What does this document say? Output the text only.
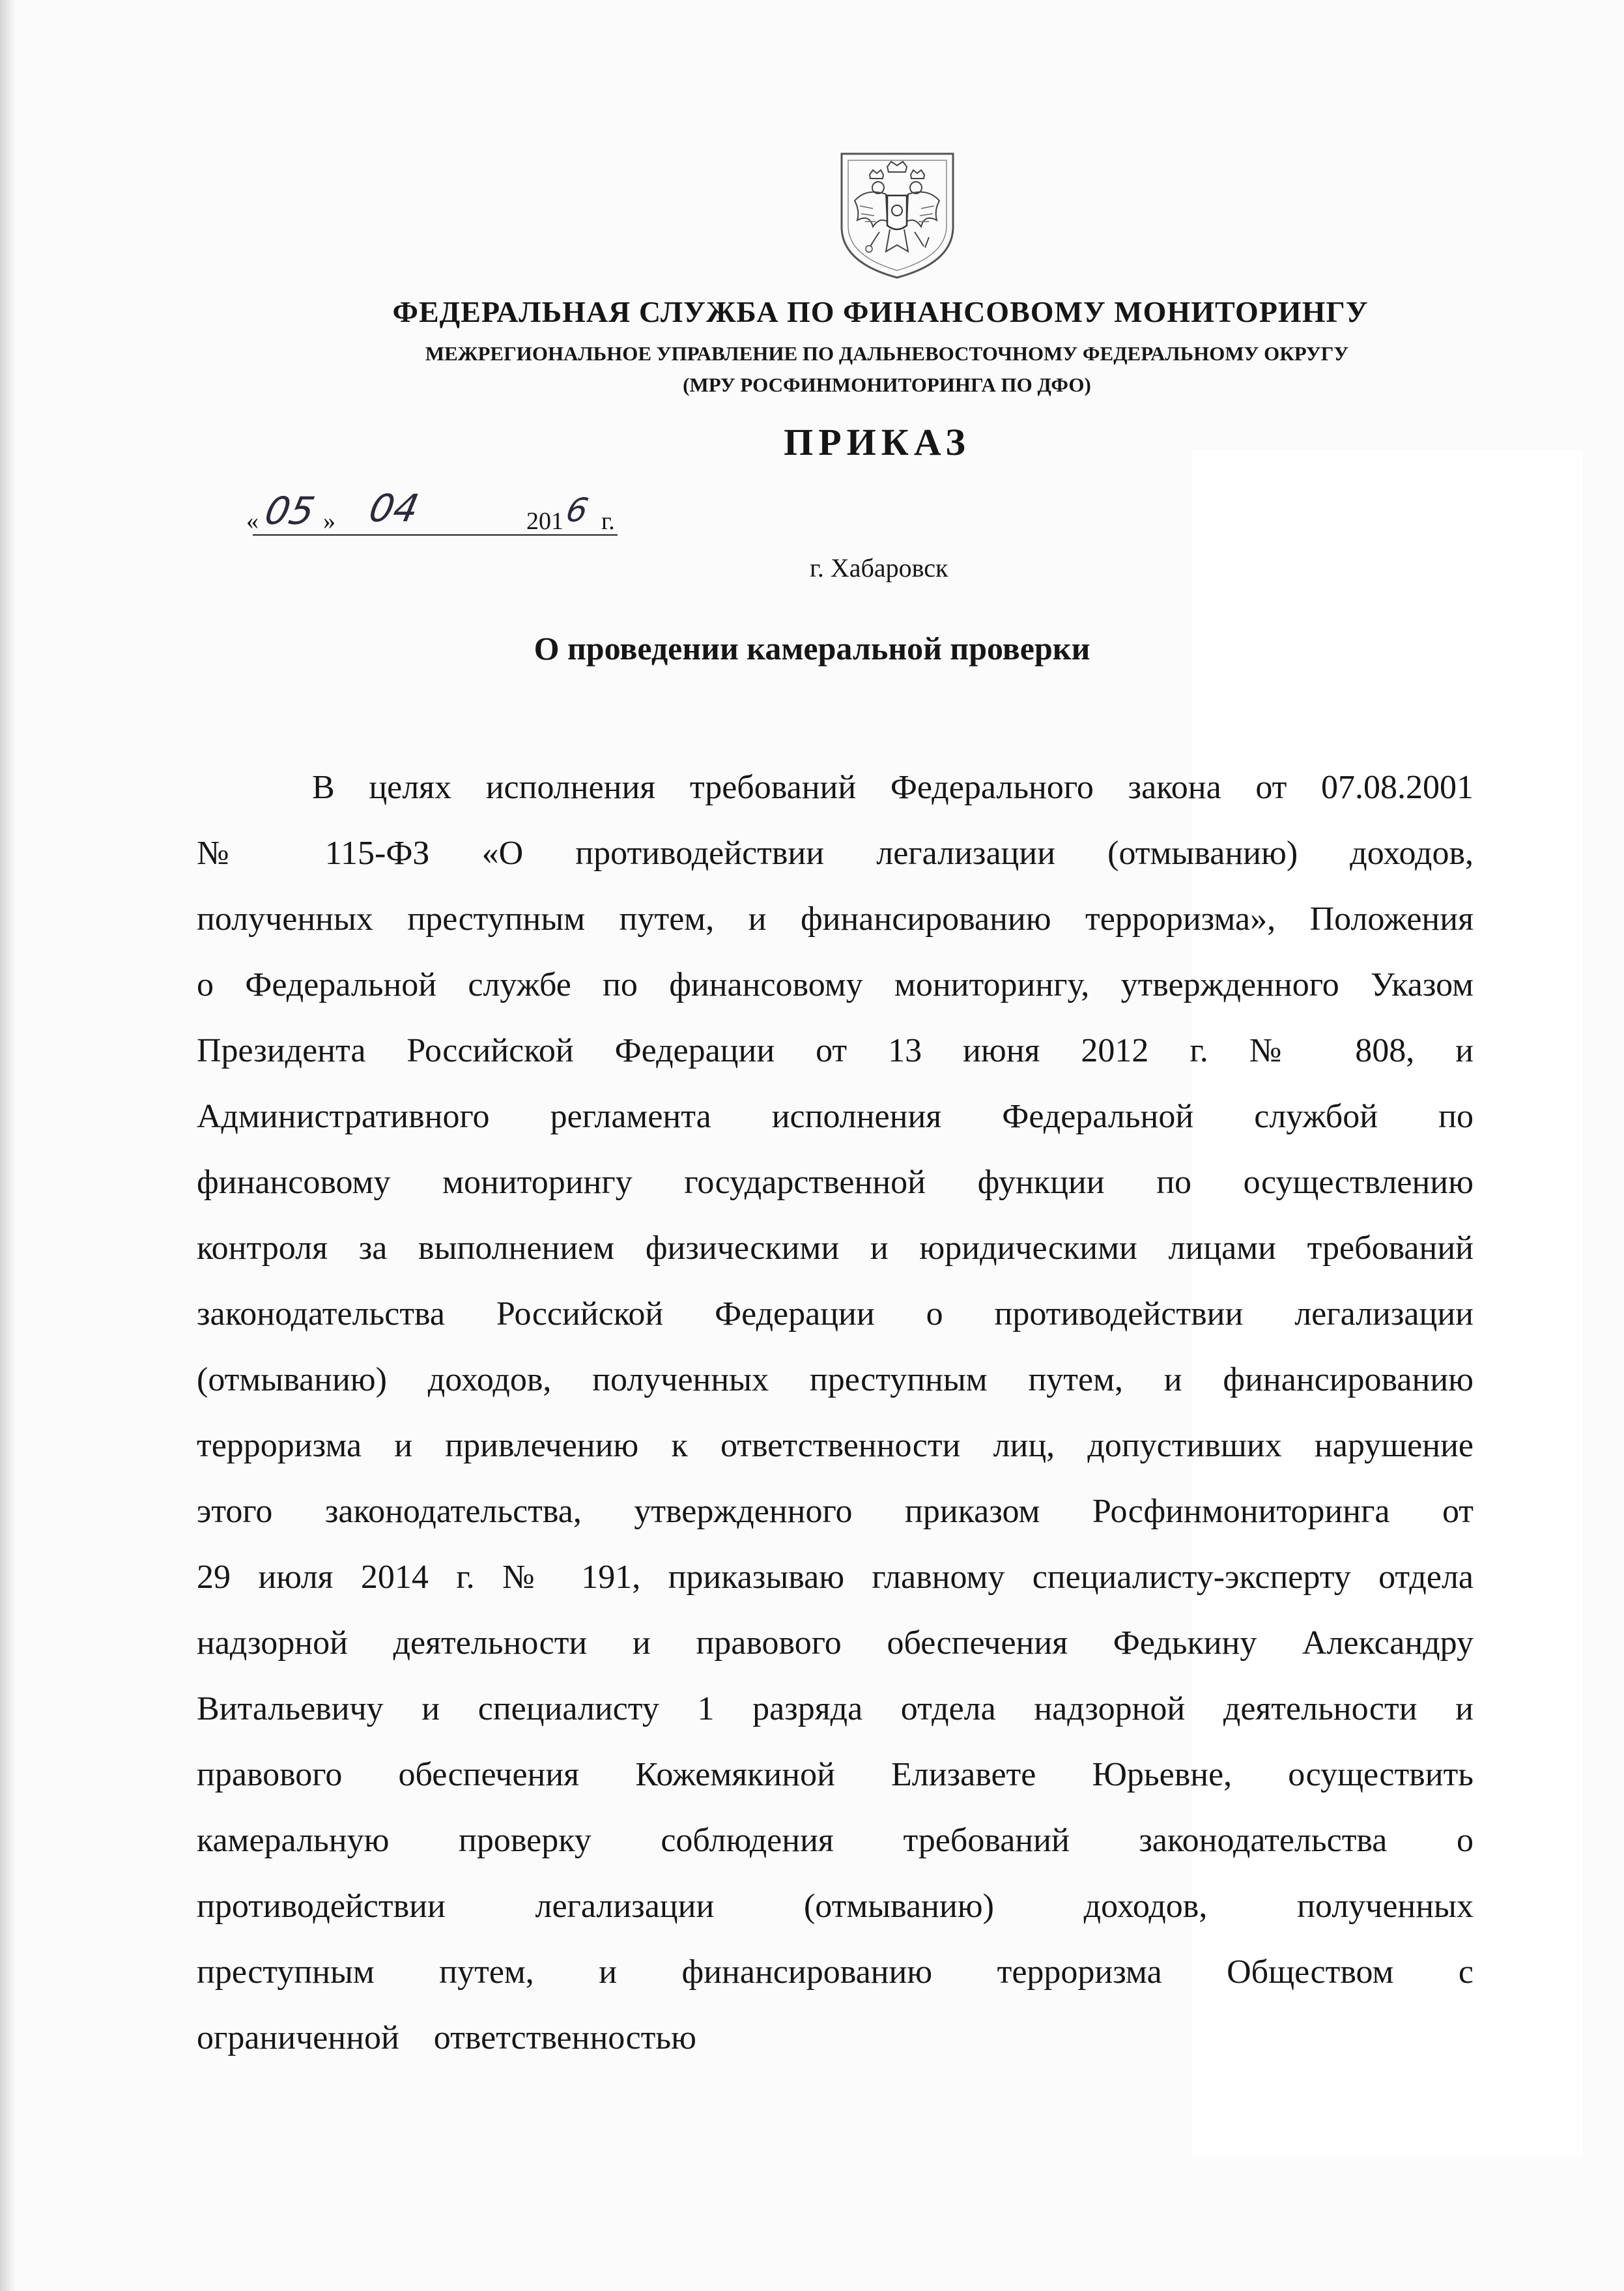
ФЕДЕРАЛЬНАЯ СЛУЖБА ПО ФИНАНСОВОМУ МОНИТОРИНГУ
МЕЖРЕГИОНАЛЬНОЕ УПРАВЛЕНИЕ ПО ДАЛЬНЕВОСТОЧНОМУ ФЕДЕРАЛЬНОМУ ОКРУГУ
(МРУ РОСФИНМОНИТОРИНГА ПО ДФО)
ПРИКАЗ
« 05 » 04	201
6 г.
г. Хабаровск
О проведении камеральной проверки
В целях исполнения требований Федерального закона от 07.08.2001
№ 115-ФЗ «О противодействии легализации (отмыванию) доходов,
полученных преступным путем, и финансированию терроризма», Положения
о Федеральной службе по финансовому мониторингу, утвержденного Указом
Президента Российской Федерации от 13 июня 2012 г. № 808, и
Административного регламента исполнения Федеральной службой по
финансовому мониторингу государственной функции по осуществлению
контроля за выполнением физическими и юридическими лицами требований
законодательства Российской Федерации о противодействии легализации
(отмыванию) доходов, полученных преступным путем, и финансированию
терроризма и привлечению к ответственности лиц, допустивших нарушение
этого законодательства, утвержденного приказом Росфинмониторинга от
29 июля 2014 г. № 191, приказываю главному специалисту-эксперту отдела
надзорной деятельности и правового обеспечения Федькину Александру
Витальевичу и специалисту 1 разряда отдела надзорной деятельности и
правового обеспечения Кожемякиной Елизавете Юрьевне, осуществить
камеральную проверку соблюдения требований законодательства о
противодействии легализации (отмыванию) доходов, полученных
преступным путем, и финансированию терроризма Обществом с
ограниченной ответственностью
